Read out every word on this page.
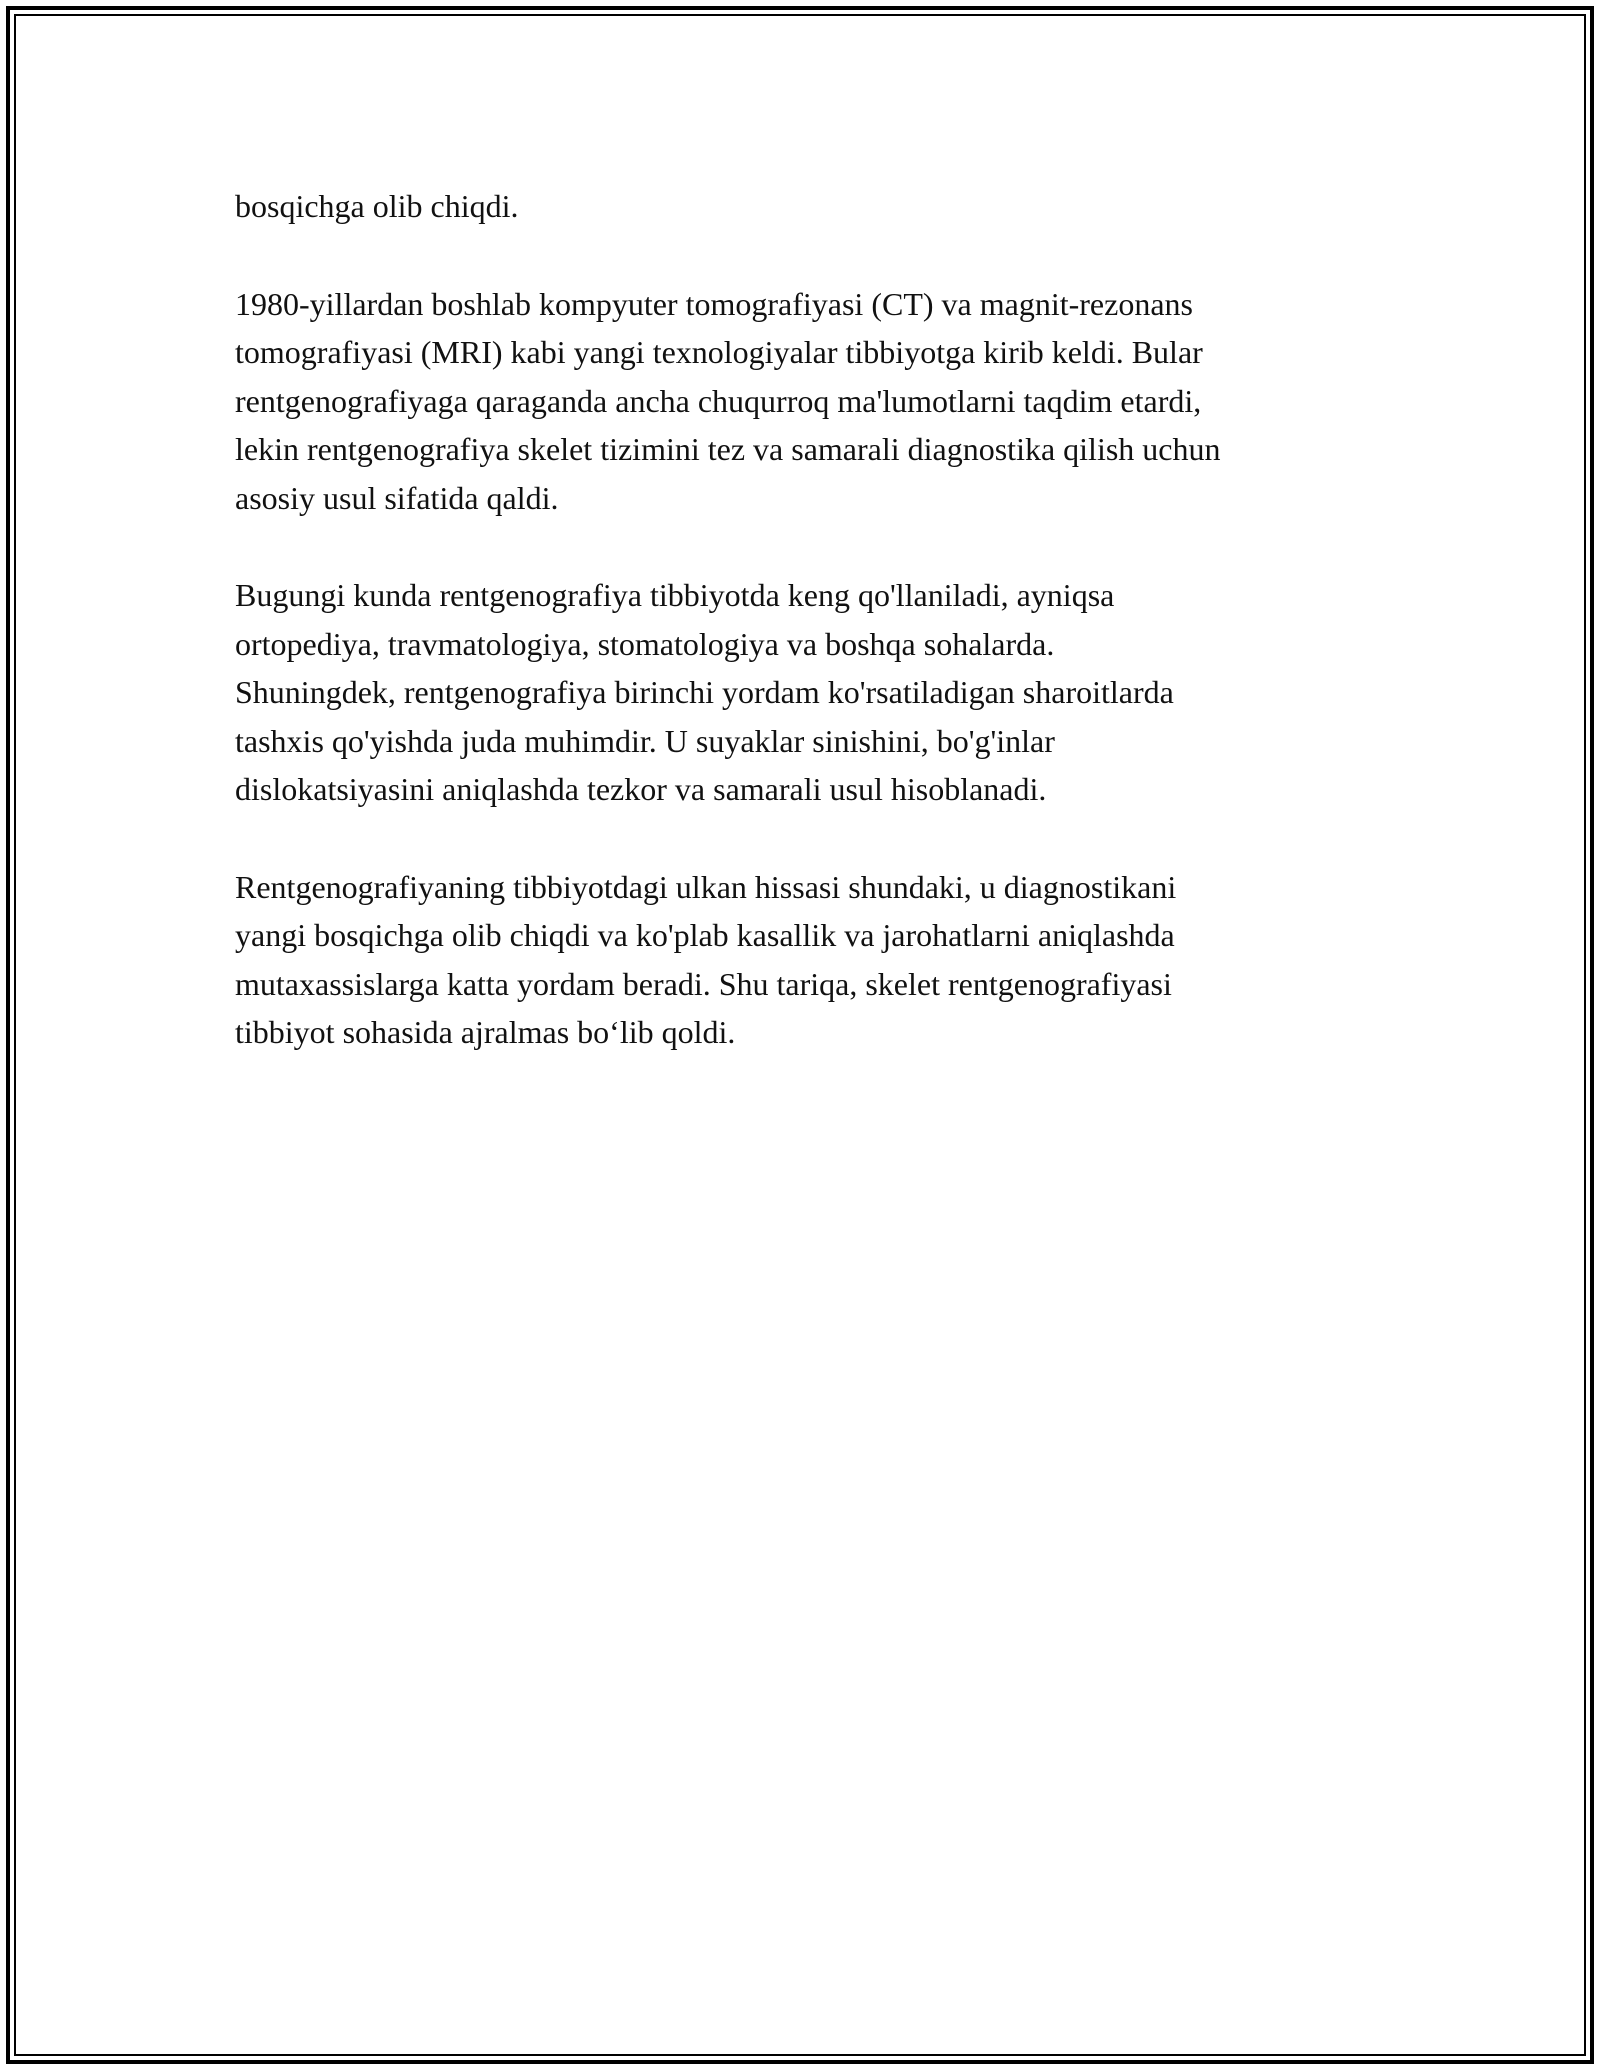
bosqichga olib chiqdi.

1980-yillardan boshlab kompyuter tomografiyasi (CT) va magnit-rezonans
tomografiyasi (MRI) kabi yangi texnologiyalar tibbiyotga kirib keldi. Bular
rentgenografiyaga qaraganda ancha chuqurroq ma'lumotlarni taqdim etardi,
lekin rentgenografiya skelet tizimini tez va samarali diagnostika qilish uchun
asosiy usul sifatida qaldi.

Bugungi kunda rentgenografiya tibbiyotda keng qo'llaniladi, ayniqsa
ortopediya, travmatologiya, stomatologiya va boshqa sohalarda.
Shuningdek, rentgenografiya birinchi yordam ko'rsatiladigan sharoitlarda
tashxis qo'yishda juda muhimdir. U suyaklar sinishini, bo'g'inlar
dislokatsiyasini aniqlashda tezkor va samarali usul hisoblanadi.

Rentgenografiyaning tibbiyotdagi ulkan hissasi shundaki, u diagnostikani
yangi bosqichga olib chiqdi va ko'plab kasallik va jarohatlarni aniqlashda
mutaxassislarga katta yordam beradi. Shu tariqa, skelet rentgenografiyasi
tibbiyot sohasida ajralmas bo‘lib qoldi.
